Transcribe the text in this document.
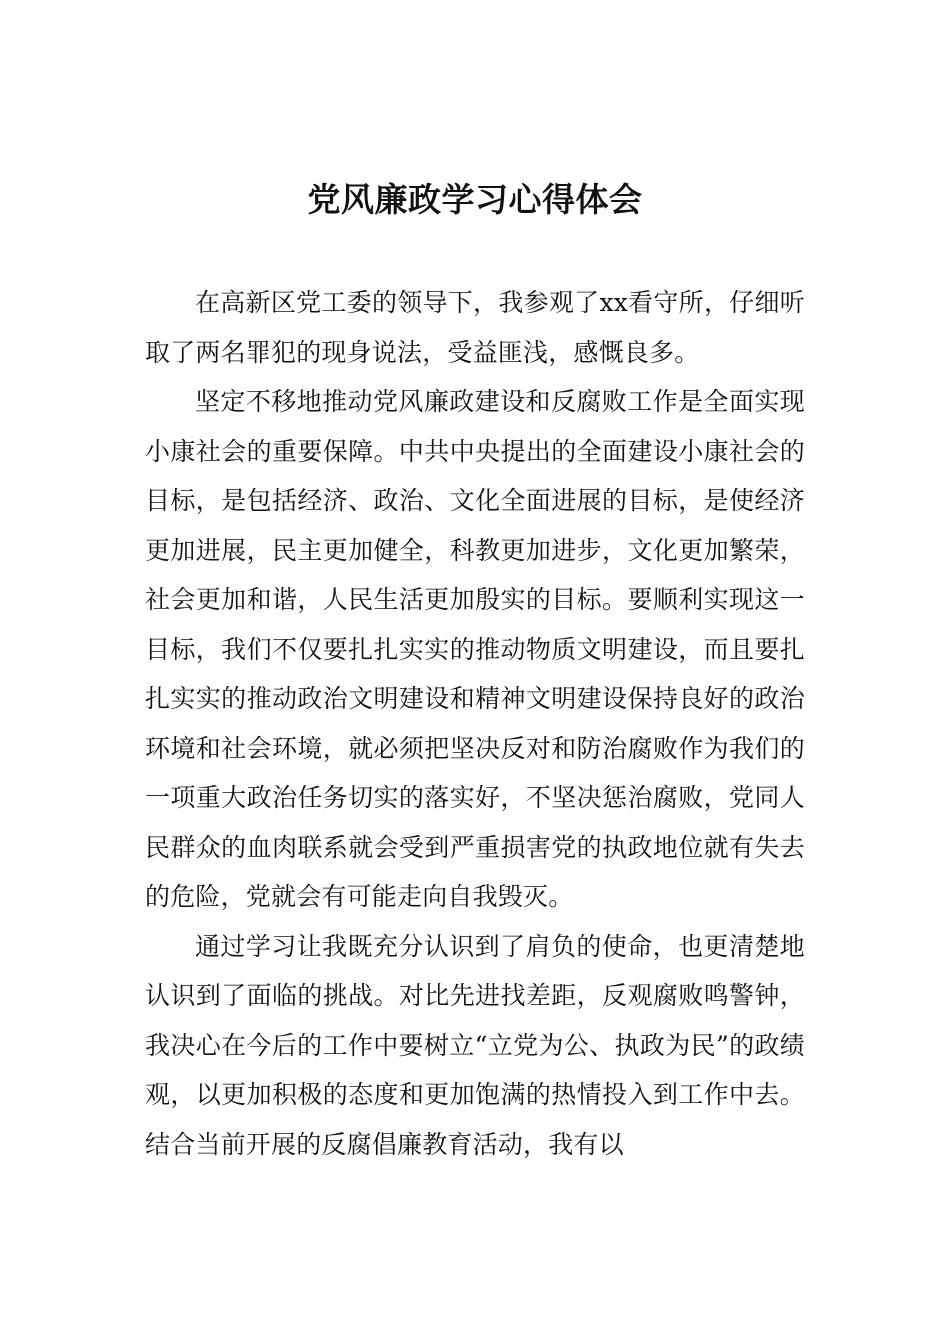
党风廉政学习心得体会

在高新区党工委的领导下，我参观了xx看守所，仔细听取了两名罪犯的现身说法，受益匪浅，感慨良多。

坚定不移地推动党风廉政建设和反腐败工作是全面实现小康社会的重要保障。中共中央提出的全面建设小康社会的目标，是包括经济、政治、文化全面进展的目标，是使经济更加进展，民主更加健全，科教更加进步，文化更加繁荣，社会更加和谐，人民生活更加殷实的目标。要顺利实现这一目标，我们不仅要扎扎实实的推动物质文明建设，而且要扎扎实实的推动政治文明建设和精神文明建设保持良好的政治环境和社会环境，就必须把坚决反对和防治腐败作为我们的一项重大政治任务切实的落实好，不坚决惩治腐败，党同人民群众的血肉联系就会受到严重损害党的执政地位就有失去的危险，党就会有可能走向自我毁灭。

通过学习让我既充分认识到了肩负的使命，也更清楚地认识到了面临的挑战。对比先进找差距，反观腐败鸣警钟，我决心在今后的工作中要树立“立党为公、执政为民”的政绩观，以更加积极的态度和更加饱满的热情投入到工作中去。结合当前开展的反腐倡廉教育活动，我有以
